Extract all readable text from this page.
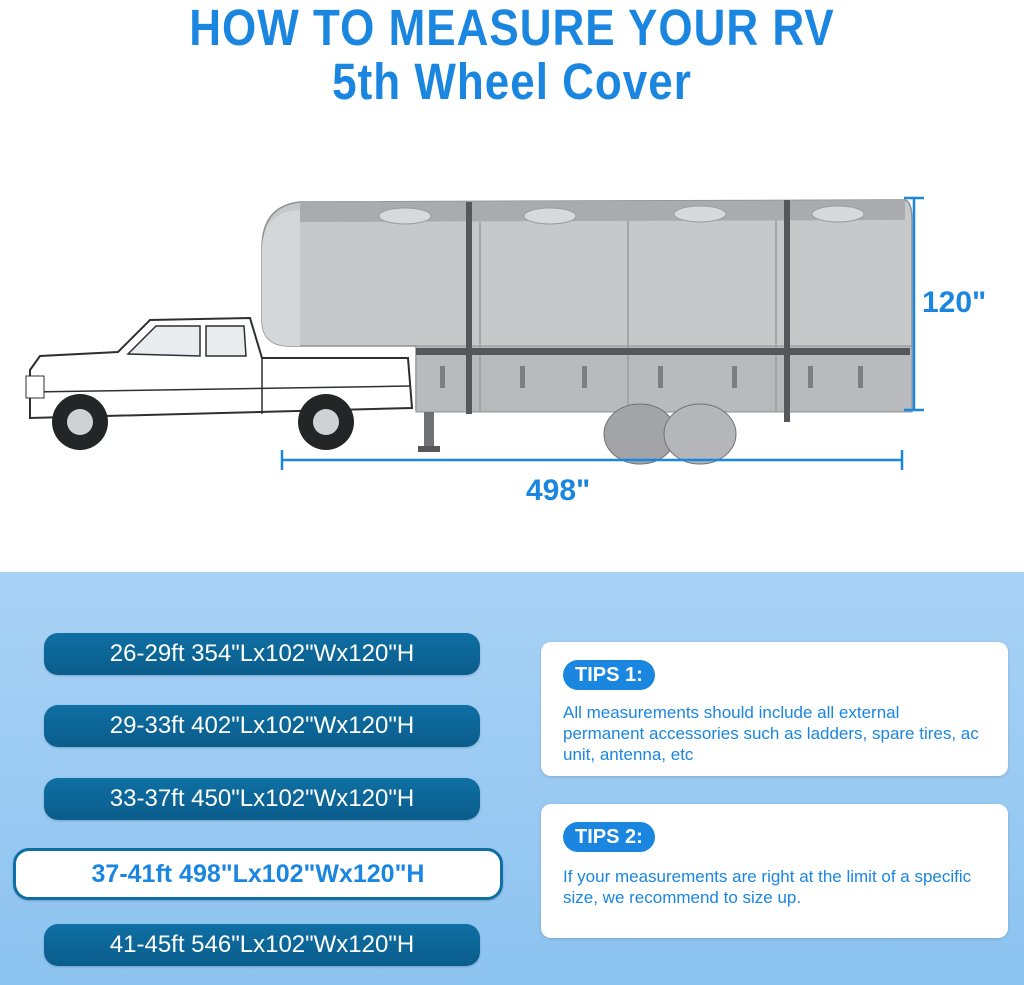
HOW TO MEASURE YOUR RV
5th Wheel Cover
120"
498"
26-29ft 354"Lx102"Wx120"H
29-33ft 402"Lx102"Wx120"H
33-37ft 450"Lx102"Wx120"H
37-41ft 498"Lx102"Wx120"H
41-45ft 546"Lx102"Wx120"H
TIPS 1:
All measurements should include all external permanent accessories such as ladders, spare tires, ac unit, antenna, etc
TIPS 2:
If your measurements are right at the limit of a specific size, we recommend to size up.
